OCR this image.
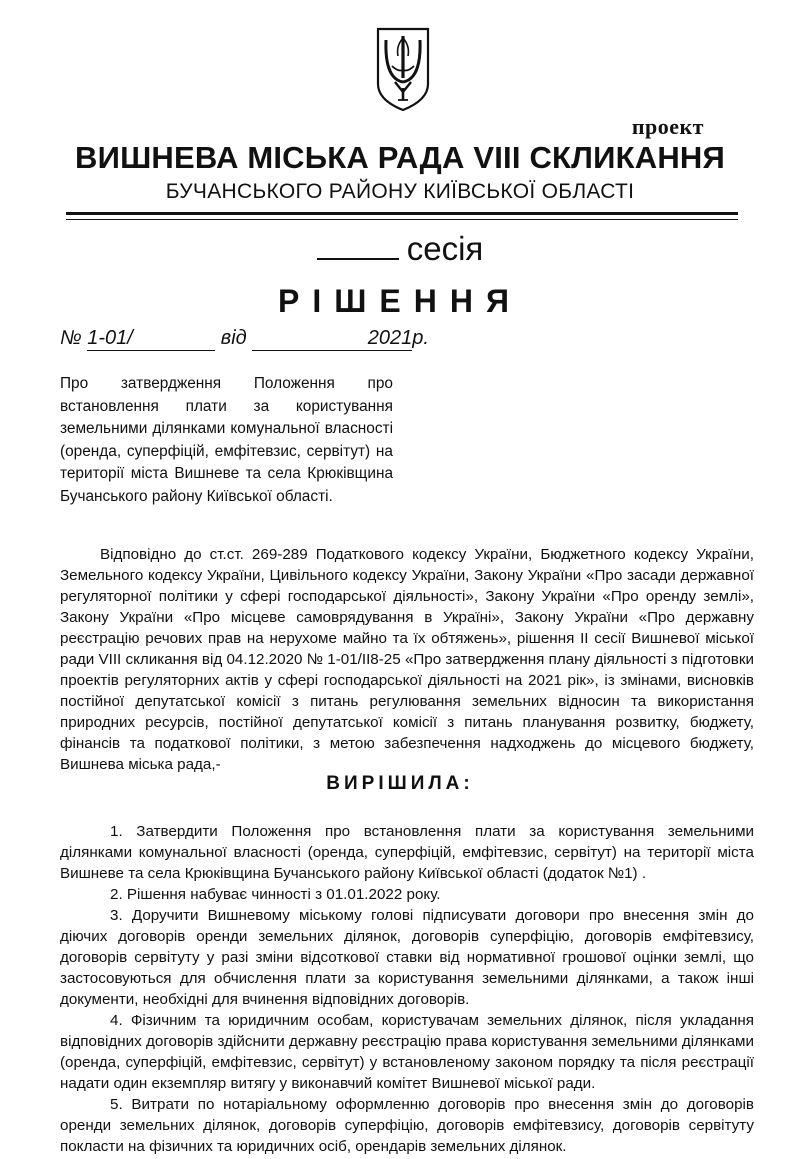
проект
ВИШНЕВА МІСЬКА РАДА VIII СКЛИКАННЯ
БУЧАНСЬКОГО РАЙОНУ КИЇВСЬКОЇ ОБЛАСТІ
сесія
РІШЕННЯ
№ 1-01/	від	2021р.
Про затвердження Положення про встановлення плати за користування земельними ділянками комунальної власності (оренда, суперфіцій, емфітевзис, сервітут) на території міста Вишневе та села Крюківщина Бучанського району Київської області.

Відповідно до ст.ст. 269-289 Податкового кодексу України, Бюджетного кодексу України, Земельного кодексу України, Цивільного кодексу України, Закону України «Про засади державної регуляторної політики у сфері господарської діяльності», Закону України «Про оренду землі», Закону України «Про місцеве самоврядування в Україні», Закону України «Про державну реєстрацію речових прав на нерухоме майно та їх обтяжень», рішення ІІ сесії Вишневої міської ради VIІI скликання від 04.12.2020 № 1-01/ІІ8-25 «Про затвердження плану діяльності з підготовки проектів регуляторних актів у сфері господарської діяльності на 2021 рік», із змінами, висновків постійної депутатської комісії з питань регулювання земельних відносин та використання природних ресурсів, постійної депутатської комісії з питань планування розвитку, бюджету, фінансів та податкової політики, з метою забезпечення надходжень до місцевого бюджету, Вишнева міська рада,-

ВИРІШИЛА:

1. Затвердити Положення про встановлення плати за користування земельними ділянками комунальної власності (оренда, суперфіцій, емфітевзис, сервітут) на території міста Вишневе та села Крюківщина Бучанського району Київської області (додаток №1) .

2. Рішення набуває чинності з 01.01.2022 року.

3. Доручити Вишневому міському голові підписувати договори про внесення змін до діючих договорів оренди земельних ділянок, договорів суперфіцію, договорів емфітевзису, договорів сервітуту у разі зміни відсоткової ставки від нормативної грошової оцінки землі, що застосовуються для обчислення плати за користування земельними ділянками, а також інші документи, необхідні для вчинення відповідних договорів.

4. Фізичним та юридичним особам, користувачам земельних ділянок, після укладання відповідних договорів здійснити державну реєстрацію права користування земельними ділянками (оренда, суперфіцій, емфітевзис, сервітут) у встановленому законом порядку та після реєстрації надати один екземпляр витягу у виконавчий комітет Вишневої міської ради.

5. Витрати по нотаріальному оформленню договорів про внесення змін до договорів оренди земельних ділянок, договорів суперфіцію, договорів емфітевзису, договорів сервітуту покласти на фізичних та юридичних осіб, орендарів земельних ділянок.
